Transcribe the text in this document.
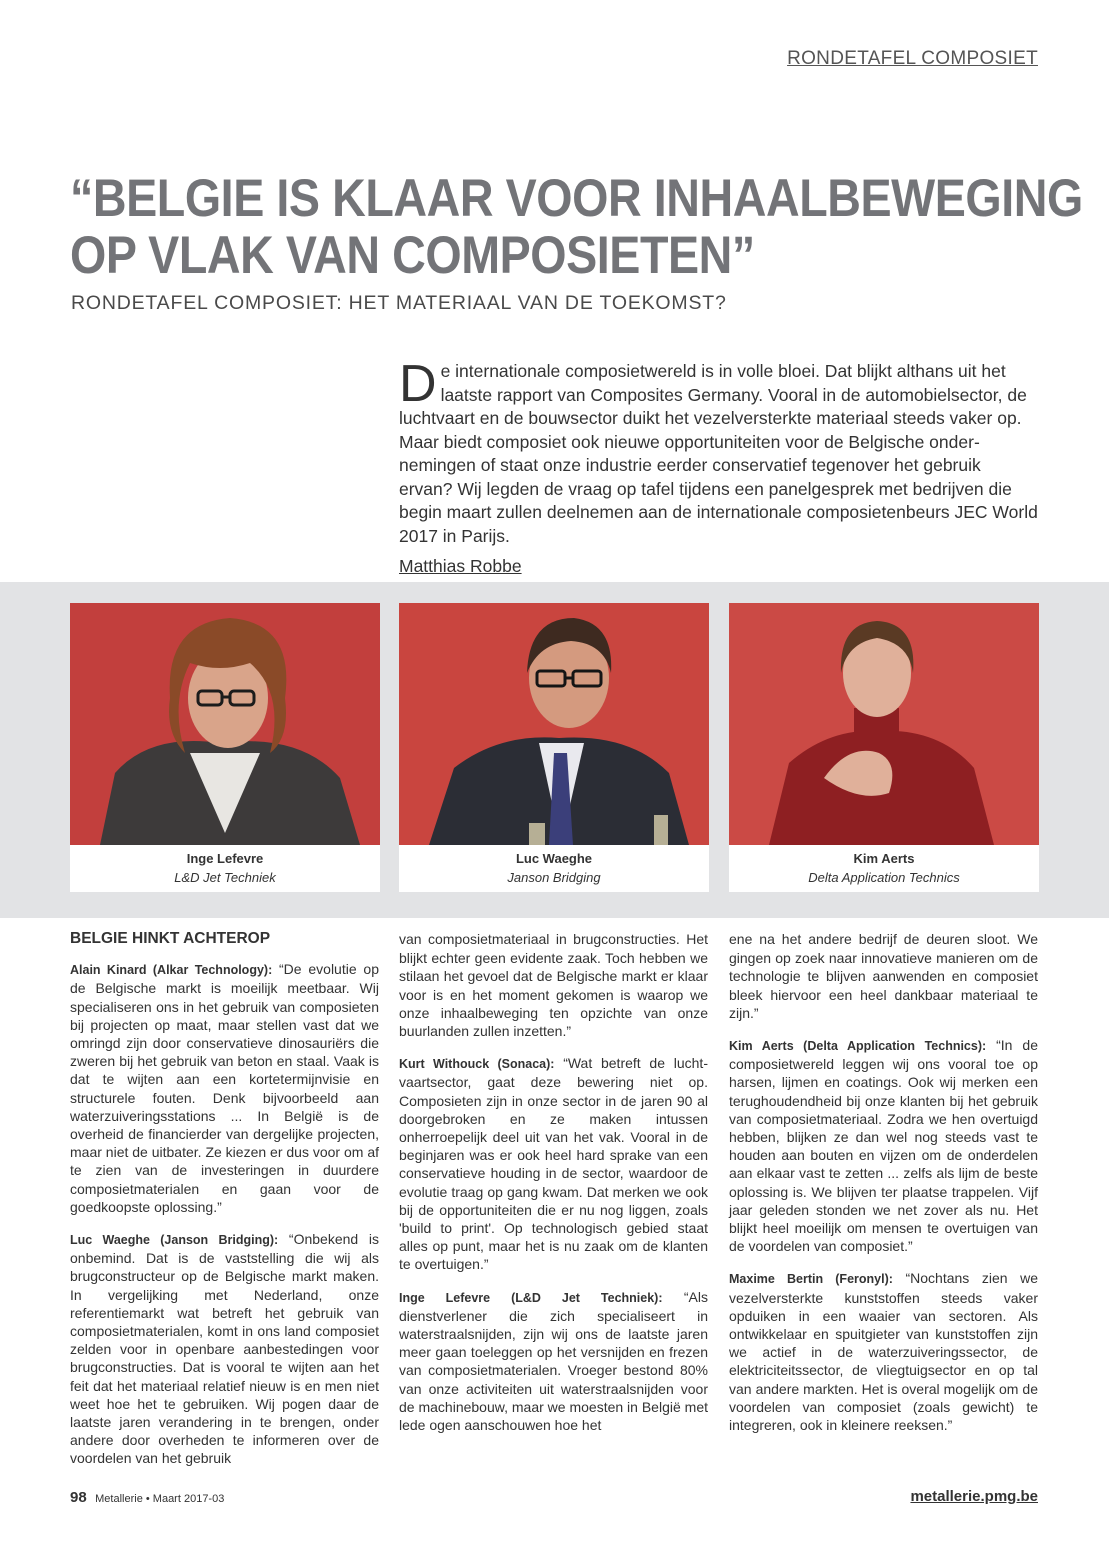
RONDETAFEL COMPOSIET
“BELGIE IS KLAAR VOOR INHAALBEWEGING
OP VLAK VAN COMPOSIETEN”
RONDETAFEL COMPOSIET: HET MATERIAAL VAN DE TOEKOMST?

De internationale composietwereld is in volle bloei. Dat blijkt althans uit het laatste rapport van Composites Germany. Vooral in de automobielsector, de luchtvaart en de bouwsector duikt het vezelversterkte materiaal steeds vaker op. Maar biedt composiet ook nieuwe opportuniteiten voor de Belgische ondernemingen of staat onze industrie eerder conservatief tegenover het gebruik ervan? Wij legden de vraag op tafel tijdens een panelgesprek met bedrijven die begin maart zullen deelnemen aan de internationale composietenbeurs JEC World 2017 in Parijs.

Matthias Robbe
Inge Lefevre
L&D Jet Techniek
Luc Waeghe
Janson Bridging
Kim Aerts
Delta Application Technics

BELGIE HINKT ACHTEROP

Alain Kinard (Alkar Technology): “De evolutie op de Belgische markt is moeilijk meetbaar. Wij specialiseren ons in het gebruik van composieten bij projecten op maat, maar stellen vast dat we omringd zijn door conservatieve dinosauriërs die zweren bij het gebruik van beton en staal. Vaak is dat te wijten aan een kortetermijnvisie en structurele fouten. Denk bijvoorbeeld aan waterzuiveringsstations ... In België is de overheid de financierder van dergelijke projecten, maar niet de uitbater. Ze kiezen er dus voor om af te zien van de investeringen in duurdere composietmaterialen en gaan voor de goedkoopste oplossing.”

Luc Waeghe (Janson Bridging): “Onbekend is onbemind. Dat is de vaststelling die wij als brugconstructeur op de Belgische markt maken. In vergelijking met Nederland, onze referentiemarkt wat betreft het gebruik van composietmaterialen, komt in ons land composiet zelden voor in openbare aanbestedingen voor brugconstructies. Dat is vooral te wijten aan het feit dat het materiaal relatief nieuw is en men niet weet hoe het te gebruiken. Wij pogen daar de laatste jaren verandering in te brengen, onder andere door overheden te informeren over de voordelen van het gebruik

van composietmateriaal in brugconstructies. Het blijkt echter geen evidente zaak. Toch hebben we stilaan het gevoel dat de Belgische markt er klaar voor is en het moment gekomen is waarop we onze inhaalbeweging ten opzichte van onze buurlanden zullen inzetten.”

Kurt Withouck (Sonaca): “Wat betreft de luchtvaartsector, gaat deze bewering niet op. Composieten zijn in onze sector in de jaren 90 al doorgebroken en ze maken intussen onherroepelijk deel uit van het vak. Vooral in de beginjaren was er ook heel hard sprake van een conservatieve houding in de sector, waardoor de evolutie traag op gang kwam. Dat merken we ook bij de opportuniteiten die er nu nog liggen, zoals 'build to print'. Op technologisch gebied staat alles op punt, maar het is nu zaak om de klanten te overtuigen.”

Inge Lefevre (L&D Jet Techniek): “Als dienstverlener die zich specialiseert in waterstraalsnijden, zijn wij ons de laatste jaren meer gaan toeleggen op het versnijden en frezen van composietmaterialen. Vroeger bestond 80% van onze activiteiten uit waterstraalsnijden voor de machinebouw, maar we moesten in België met lede ogen aanschouwen hoe het

ene na het andere bedrijf de deuren sloot. We gingen op zoek naar innovatieve manieren om de technologie te blijven aanwenden en composiet bleek hiervoor een heel dankbaar materiaal te zijn.”

Kim Aerts (Delta Application Technics): “In de composietwereld leggen wij ons vooral toe op harsen, lijmen en coatings. Ook wij merken een terughoudendheid bij onze klanten bij het gebruik van composietmateriaal. Zodra we hen overtuigd hebben, blijken ze dan wel nog steeds vast te houden aan bouten en vijzen om de onderdelen aan elkaar vast te zetten ... zelfs als lijm de beste oplossing is. We blijven ter plaatse trappelen. Vijf jaar geleden stonden we net zover als nu. Het blijkt heel moeilijk om mensen te overtuigen van de voordelen van composiet.”

Maxime Bertin (Feronyl): “Nochtans zien we vezelversterkte kunststoffen steeds vaker opduiken in een waaier van sectoren. Als ontwikkelaar en spuitgieter van kunststoffen zijn we actief in de waterzuiveringssector, de elektriciteitssector, de vliegtuigsector en op tal van andere markten. Het is overal mogelijk om de voordelen van composiet (zoals gewicht) te integreren, ook in kleinere reeksen.”

98 Metallerie • Maart 2017-03	metallerie.pmg.be
